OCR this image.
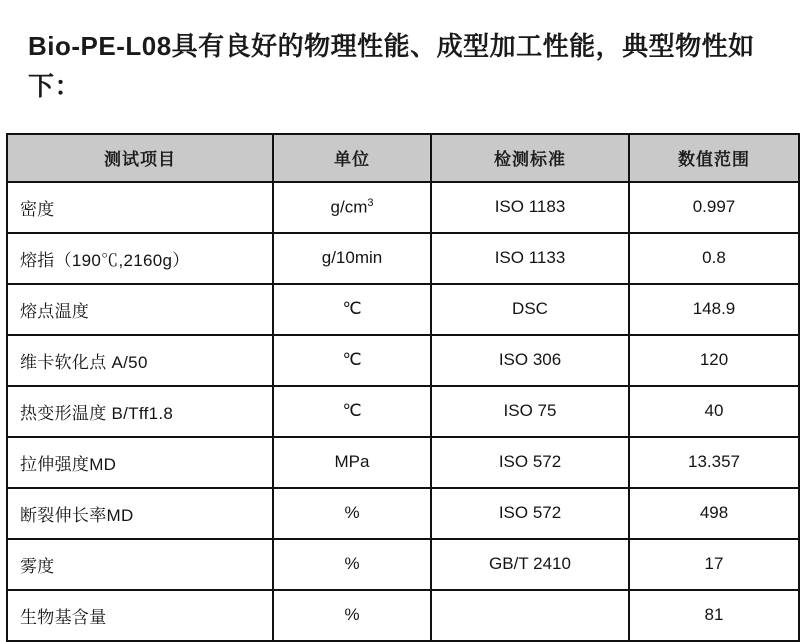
Bio-PE-L08具有良好的物理性能、成型加工性能，典型物性如下：
测试项目	单位	检测标准	数值范围
密度	$g/cm^3$	ISO 1183	0.997
熔指（190℃,2160g）	g/10min	ISO 1133	0.8
熔点温度	℃	DSC	148.9
维卡软化点 A/50	℃	ISO 306	120
热变形温度 B/Tff1.8	℃	ISO 75	40
拉伸强度MD	MPa	ISO 572	13.357
断裂伸长率MD	%	ISO 572	498
雾度	%	GB/T 2410	17
生物基含量	%		81
